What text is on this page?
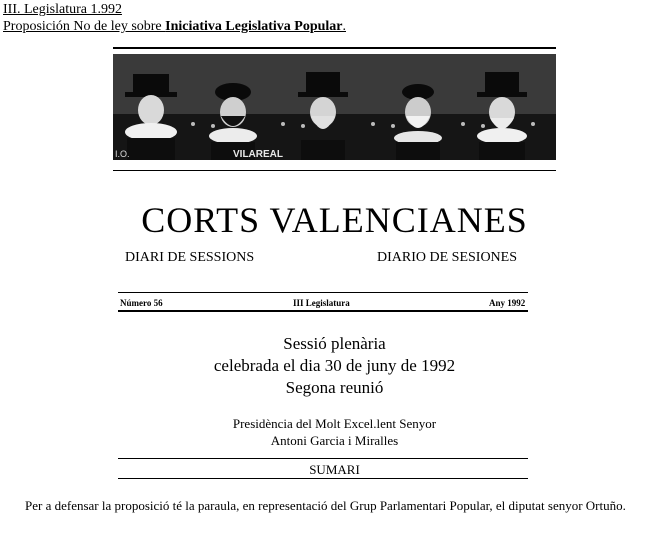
III. Legislatura 1.992
Proposición No de ley sobre Iniciativa Legislativa Popular.
I.O.	VILAREAL
CORTS VALENCIANES
DIARI DE SESSIONS	DIARIO DE SESIONES
Número 56	III Legislatura	Any 1992
Sessió plenària
celebrada el dia 30 de juny de 1992
Segona reunió
Presidència del Molt Excel.lent Senyor
Antoni Garcia i Miralles
SUMARI
Per a defensar la proposició té la paraula, en representació del Grup Parlamentari Popular, el diputat senyor Ortuño.
